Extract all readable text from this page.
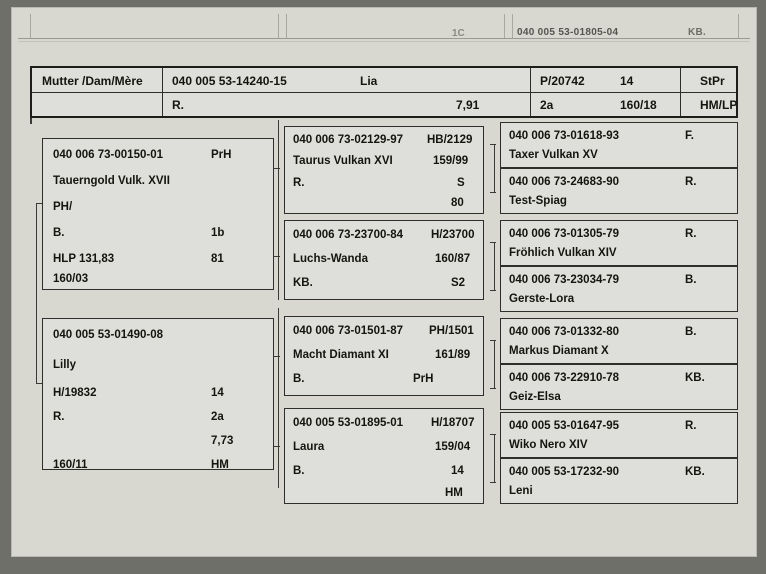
1C	040 005 53-01805-04	KB.
Mutter /Dam/Mère 040 005 53-14240-15	Lia	P/20742	14	StPr
R.	7,91	2a	160/18	HM/LP
040 006 73-00150-01	PrH
Tauerngold Vulk. XVII
PH/
B.	1b
HLP 131,83	81
160/03
040 005 53-01490-08
Lilly
H/19832	14
R.	2a
7,73
160/11	HM
040 006 73-02129-97 HB/2129
Taurus Vulkan XVI	159/99
R.	S
80
040 006 73-23700-84 H/23700
Luchs-Wanda	160/87
KB.	S2
040 006 73-01501-87 PH/1501
Macht Diamant XI	161/89
B.	PrH
040 005 53-01895-01 H/18707
Laura	159/04
B.	14
HM
040 006 73-01618-93	F.
Taxer Vulkan XV
040 006 73-24683-90	R.
Test-Spiag
040 006 73-01305-79	R.
Fröhlich Vulkan XIV
040 006 73-23034-79	B.
Gerste-Lora
040 006 73-01332-80	B.
Markus Diamant X
040 006 73-22910-78	KB.
Geiz-Elsa
040 005 53-01647-95	R.
Wiko Nero XIV
040 005 53-17232-90	KB.
Leni
